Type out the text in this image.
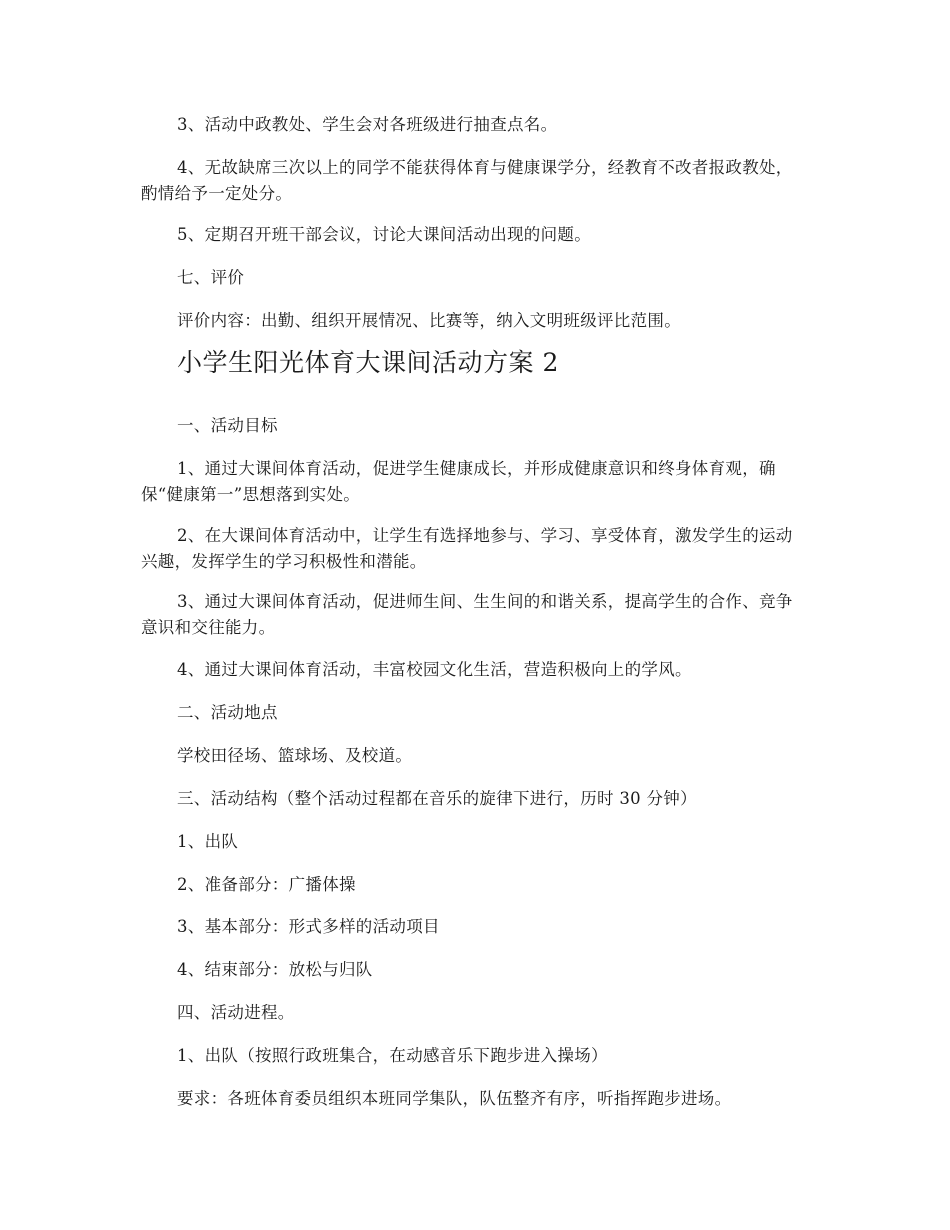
3、活动中政教处、学生会对各班级进行抽查点名。

4、无故缺席三次以上的同学不能获得体育与健康课学分，经教育不改者报政教处，酌情给予一定处分。

5、定期召开班干部会议，讨论大课间活动出现的问题。

七、评价

评价内容：出勤、组织开展情况、比赛等，纳入文明班级评比范围。

小学生阳光体育大课间活动方案 2

一、活动目标

1、通过大课间体育活动，促进学生健康成长，并形成健康意识和终身体育观，确保“健康第一”思想落到实处。

2、在大课间体育活动中，让学生有选择地参与、学习、享受体育，激发学生的运动兴趣，发挥学生的学习积极性和潜能。

3、通过大课间体育活动，促进师生间、生生间的和谐关系，提高学生的合作、竞争意识和交往能力。

4、通过大课间体育活动，丰富校园文化生活，营造积极向上的学风。

二、活动地点

学校田径场、篮球场、及校道。

三、活动结构（整个活动过程都在音乐的旋律下进行，历时 30 分钟）

1、出队

2、准备部分：广播体操

3、基本部分：形式多样的活动项目

4、结束部分：放松与归队

四、活动进程。

1、出队（按照行政班集合，在动感音乐下跑步进入操场）

要求：各班体育委员组织本班同学集队，队伍整齐有序，听指挥跑步进场。
